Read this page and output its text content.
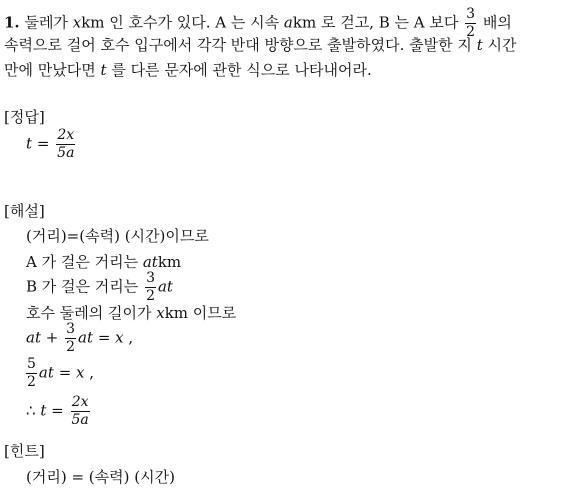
1. 둘레가 xkm 인 호수가 있다. A 는 시속 akm 로 걷고, B 는 A 보다 $\frac{3}{2}$ 배의
속력으로 걸어 호수 입구에서 각각 반대 방향으로 출발하였다. 출발한 지 t 시간
만에 만났다면 t 를 다른 문자에 관한 식으로 나타내어라.
[정답]
$t = \frac{2x}{5a}$
[해설]
(거리)=(속력) (시간)이므로
A 가 걸은 거리는 atkm
B 가 걸은 거리는 $\frac{3}{2}$ at
호수 둘레의 길이가 xkm 이므로
at + $\frac{3}{2}$ at = x ,
$\frac{5}{2}$ at = x ,
∴ $t = \frac{2x}{5a}$
[힌트]
(거리) = (속력) (시간)
